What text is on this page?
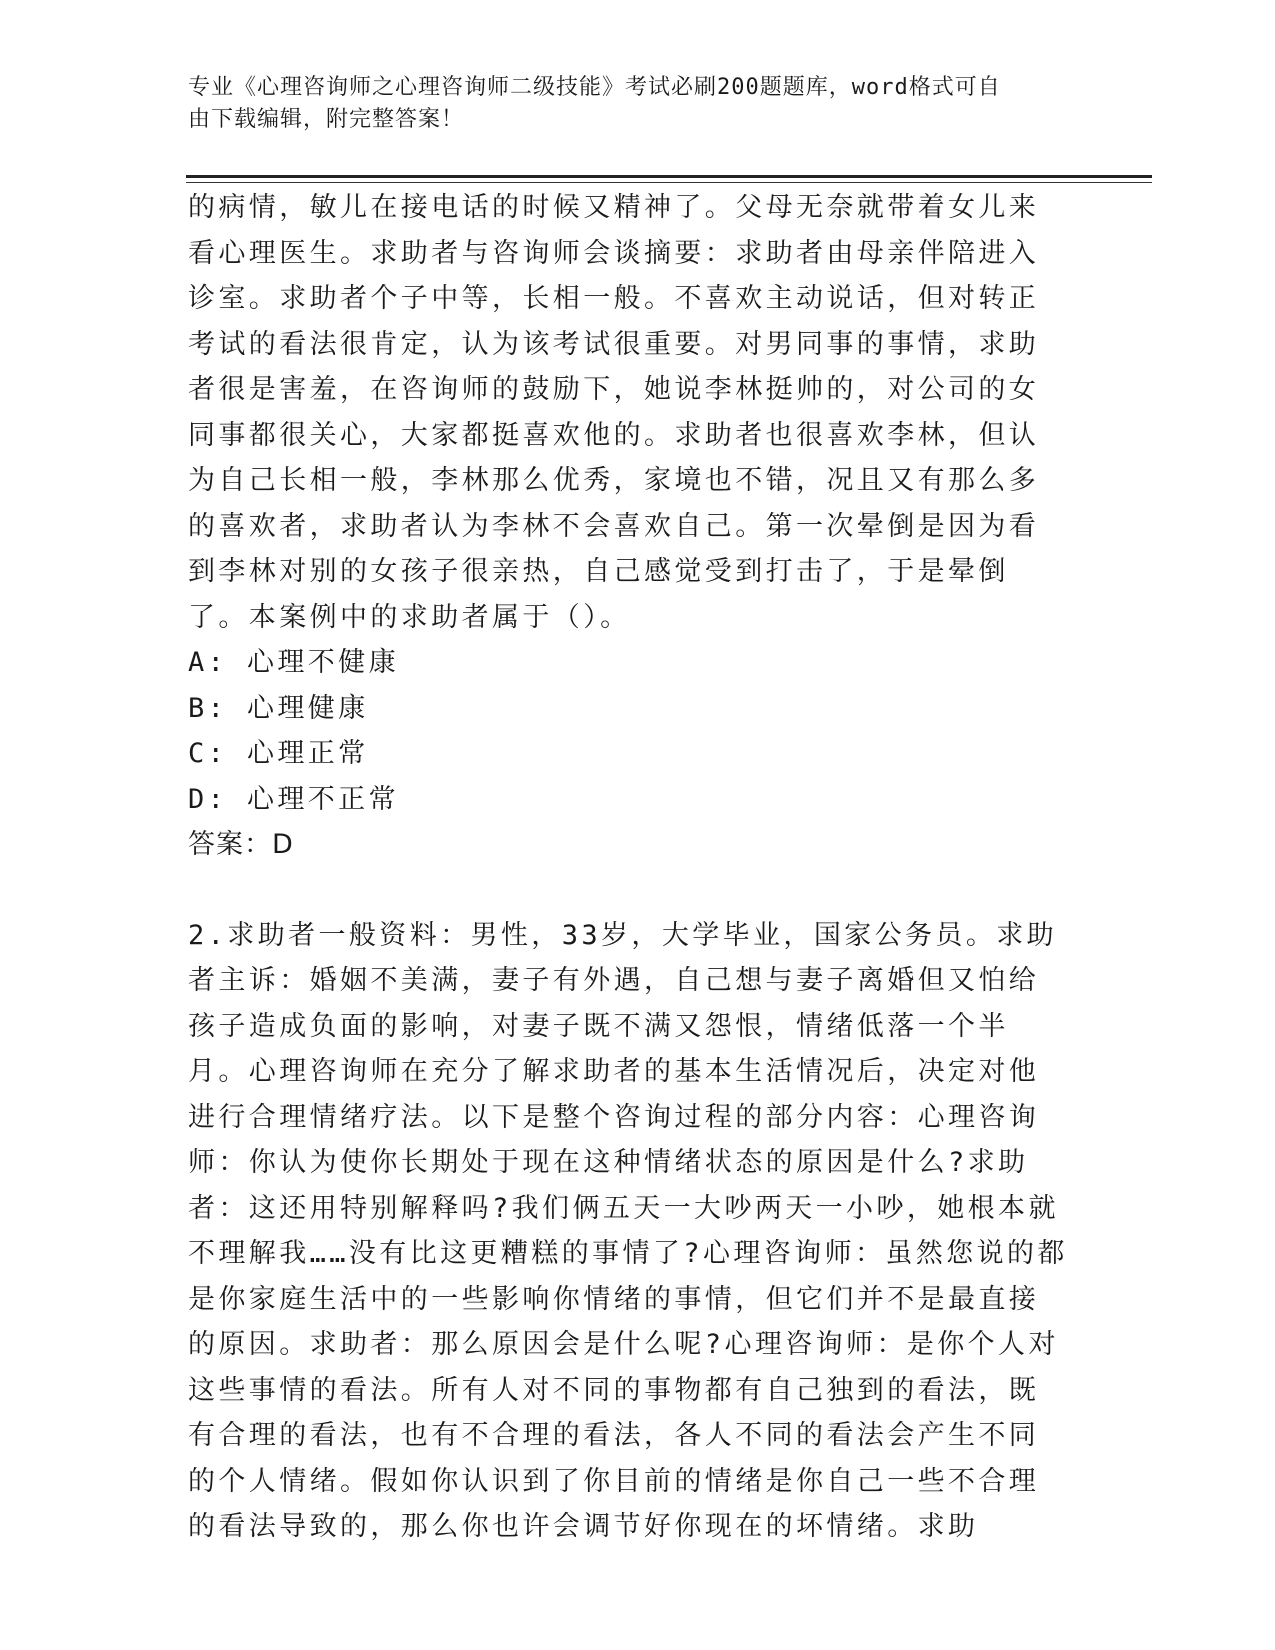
专业《心理咨询师之心理咨询师二级技能》考试必刷200题题库，word格式可自
由下载编辑，附完整答案！

的病情，敏儿在接电话的时候又精神了。父母无奈就带着女儿来看心理医生。求助者与咨询师会谈摘要：求助者由母亲伴陪进入诊室。求助者个子中等，长相一般。不喜欢主动说话，但对转正考试的看法很肯定，认为该考试很重要。对男同事的事情，求助者很是害羞，在咨询师的鼓励下，她说李林挺帅的，对公司的女同事都很关心，大家都挺喜欢他的。求助者也很喜欢李林，但认为自己长相一般，李林那么优秀，家境也不错，况且又有那么多的喜欢者，求助者认为李林不会喜欢自己。第一次晕倒是因为看到李林对别的女孩子很亲热，自己感觉受到打击了，于是晕倒了。本案例中的求助者属于（）。

A: 心理不健康

B: 心理健康

C: 心理正常

D: 心理不正常

答案：D

2.求助者一般资料：男性，33岁，大学毕业，国家公务员。求助者主诉：婚姻不美满，妻子有外遇，自己想与妻子离婚但又怕给孩子造成负面的影响，对妻子既不满又怨恨，情绪低落一个半月。心理咨询师在充分了解求助者的基本生活情况后，决定对他进行合理情绪疗法。以下是整个咨询过程的部分内容：心理咨询师：你认为使你长期处于现在这种情绪状态的原因是什么?求助者：这还用特别解释吗?我们俩五天一大吵两天一小吵，她根本就不理解我……没有比这更糟糕的事情了?心理咨询师：虽然您说的都是你家庭生活中的一些影响你情绪的事情，但它们并不是最直接的原因。求助者：那么原因会是什么呢?心理咨询师：是你个人对这些事情的看法。所有人对不同的事物都有自己独到的看法，既有合理的看法，也有不合理的看法，各人不同的看法会产生不同的个人情绪。假如你认识到了你目前的情绪是你自己一些不合理的看法导致的，那么你也许会调节好你现在的坏情绪。求助
